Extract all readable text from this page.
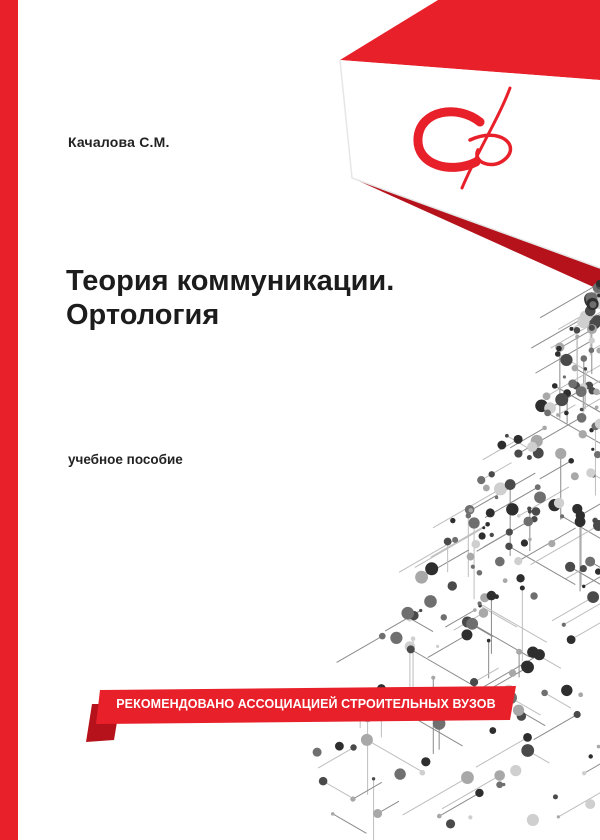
Качалова С.М.

Теория коммуникации.
Ортология

учебное пособие

РЕКОМЕНДОВАНО АССОЦИАЦИЕЙ СТРОИТЕЛЬНЫХ ВУЗОВ
